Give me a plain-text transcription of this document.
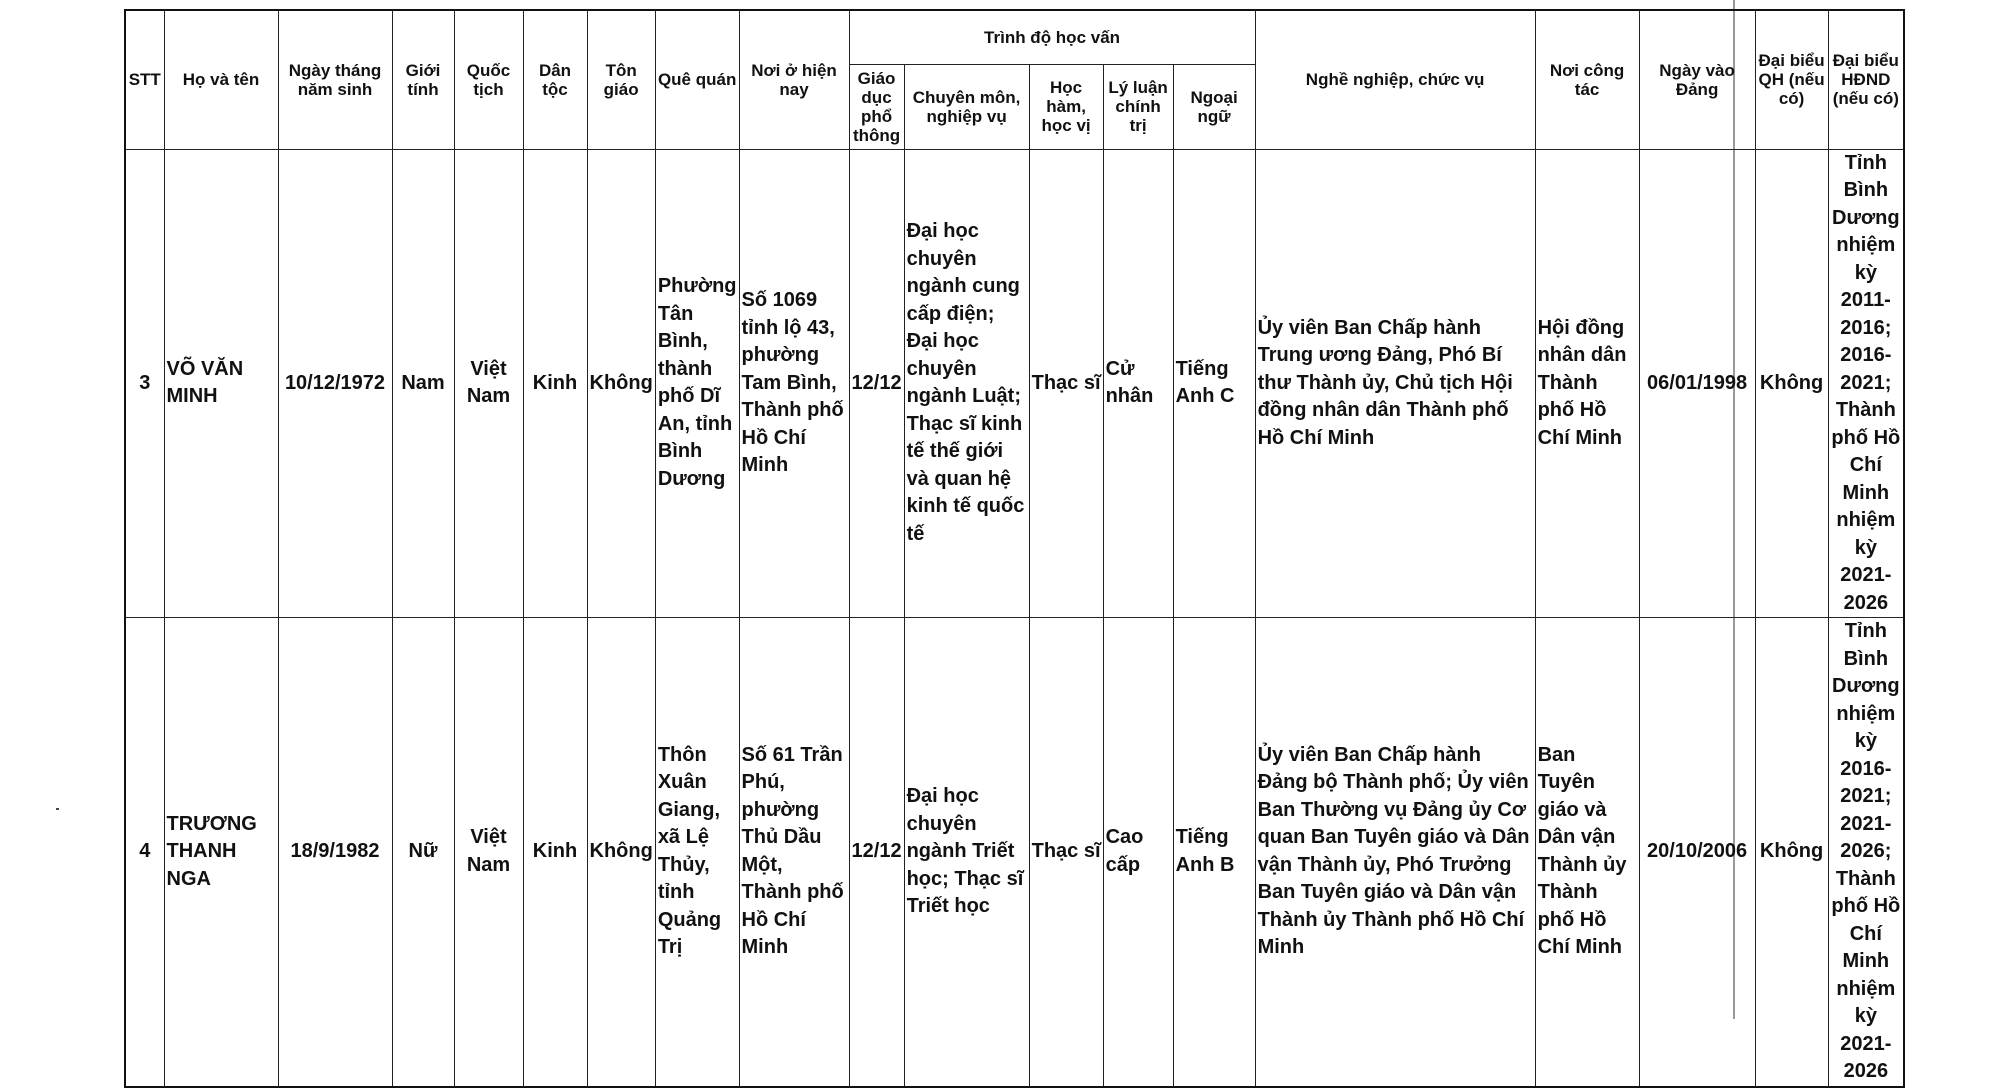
STT	Họ và tên	Ngày tháng năm sinh	Giới tính	Quốc tịch	Dân tộc	Tôn giáo	Quê quán	Nơi ở hiện nay	Trình độ học vấn					Nghề nghiệp, chức vụ	Nơi công tác	Ngày vào Đảng	Đại biểu QH (nếu có)	Đại biểu HĐND (nếu có)
									Giáo dục phổ thông	Chuyên môn, nghiệp vụ	Học hàm, học vị	Lý luận chính trị	Ngoại ngữ					
3	VÕ VĂN MINH	10/12/1972	Nam	Việt Nam	Kinh	Không	Phường Tân Bình, thành phố Dĩ An, tỉnh Bình Dương	Số 1069 tỉnh lộ 43, phường Tam Bình, Thành phố Hồ Chí Minh	12/12	Đại học chuyên ngành cung cấp điện; Đại học chuyên ngành Luật; Thạc sĩ kinh tế thế giới và quan hệ kinh tế quốc tế	Thạc sĩ	Cử nhân	Tiếng Anh C	Ủy viên Ban Chấp hành Trung ương Đảng, Phó Bí thư Thành ủy, Chủ tịch Hội đồng nhân dân Thành phố Hồ Chí Minh	Hội đồng nhân dân Thành phố Hồ Chí Minh	06/01/1998	Không	Tỉnh Bình Dương nhiệm kỳ 2011-2016; 2016-2021; Thành phố Hồ Chí Minh nhiệm kỳ 2021-2026
4	TRƯƠNG THANH NGA	18/9/1982	Nữ	Việt Nam	Kinh	Không	Thôn Xuân Giang, xã Lệ Thủy, tỉnh Quảng Trị	Số 61 Trần Phú, phường Thủ Dầu Một, Thành phố Hồ Chí Minh	12/12	Đại học chuyên ngành Triết học; Thạc sĩ Triết học	Thạc sĩ	Cao cấp	Tiếng Anh B	Ủy viên Ban Chấp hành Đảng bộ Thành phố; Ủy viên Ban Thường vụ Đảng ủy Cơ quan Ban Tuyên giáo và Dân vận Thành ủy, Phó Trưởng Ban Tuyên giáo và Dân vận Thành ủy Thành phố Hồ Chí Minh	Ban Tuyên giáo và Dân vận Thành ủy Thành phố Hồ Chí Minh	20/10/2006	Không	Tỉnh Bình Dương nhiệm kỳ 2016-2021; 2021-2026; Thành phố Hồ Chí Minh nhiệm kỳ 2021-2026
